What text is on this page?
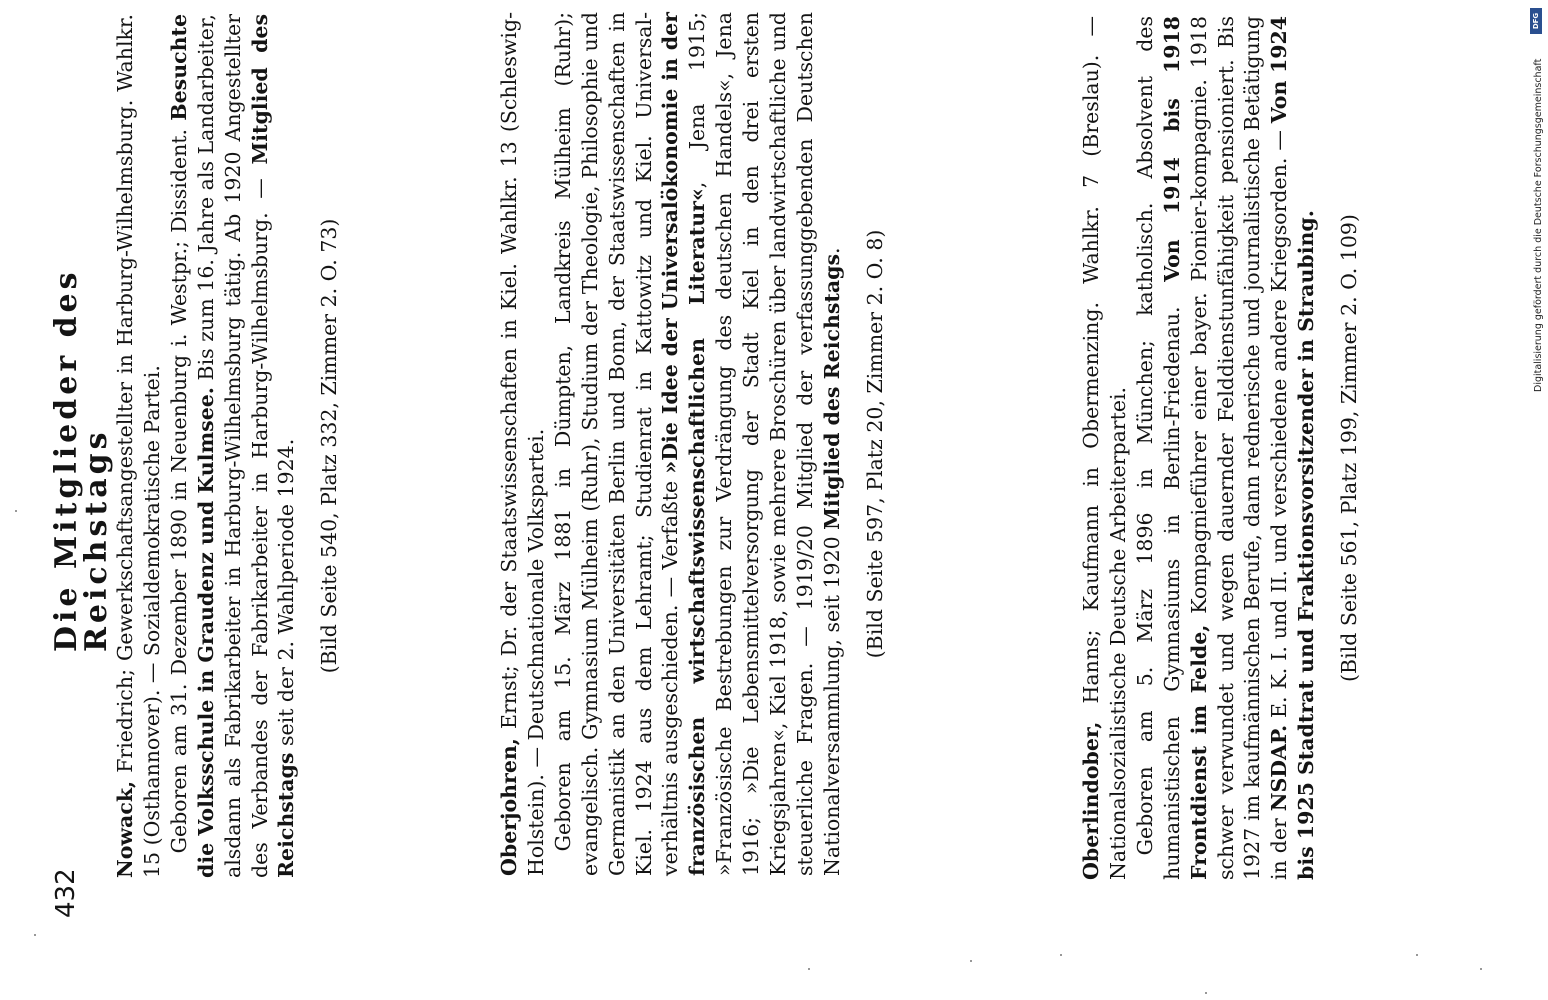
432
Die Mitglieder des Reichstags

Nowack, Friedrich; Gewerkschaftsangestellter in Harburg-Wilhelmsburg. Wahlkr. 15 (Osthannover). — Sozialdemokratische Partei. Geboren am 31. Dezember 1890 in Neuenburg i. Westpr.; Dissident. Besuchte die Volksschule in Graudenz und Kulmsee. Bis zum 16. Jahre als Landarbeiter, alsdann als Fabrikarbeiter in Harburg-Wilhelmsburg tätig. Ab 1920 Angestellter des Verbandes der Fabrikarbeiter in Harburg-Wilhelmsburg. — Mitglied des Reichstags seit der 2. Wahlperiode 1924. (Bild Seite 540, Platz 332, Zimmer 2. O. 73)

Oberjohren, Ernst; Dr. der Staatswissenschaften in Kiel. Wahlkr. 13 (Schleswig-Holstein). — Deutschnationale Volkspartei. Geboren am 15. März 1881 in Dümpten, Landkreis Mülheim (Ruhr); evangelisch. Gymnasium Mülheim (Ruhr), Studium der Theologie, Philosophie und Germanistik an den Universitäten Berlin und Bonn, der Staatswissenschaften in Kiel. 1924 aus dem Lehramt; Studienrat in Kattowitz und Kiel. Universal-verhältnis ausgeschieden. — Verfaßte »Die Idee der Universalökonomie in der französischen wirtschaftswissenschaftlichen Literatur«, Jena 1915; »Französische Bestrebungen zur Verdrängung des deutschen Handels«, Jena 1916; »Die Lebensmittelversorgung der Stadt Kiel in den drei ersten Kriegsjahren«, Kiel 1918, sowie mehrere Broschüren über landwirtschaftliche und steuerliche Fragen. — 1919/20 Mitglied der verfassunggebenden Deutschen Nationalversammlung, seit 1920 Mitglied des Reichstags. (Bild Seite 597, Platz 20, Zimmer 2. O. 8)

Oberlindober, Hanns; Kaufmann in Obermenzing. Wahlkr. 7 (Breslau). — Nationalsozialistische Deutsche Arbeiterpartei. Geboren am 5. März 1896 in München; katholisch. Absolvent des humanistischen Gymnasiums in Berlin-Friedenau. Von 1914 bis 1918 Frontdienst im Felde, Kompagnieführer einer bayer. Pionier-kompagnie. 1918 schwer verwundet und wegen dauernder Felddienstunfähigkeit pensioniert. Bis 1927 im kaufmännischen Berufe, dann rednerische und journalistische Betätigung in der NSDAP. E. K. I. und II. und verschiedene andere Kriegsorden. — Von 1924 bis 1925 Stadtrat und Fraktionsvorsitzender in Straubing. (Bild Seite 561, Platz 199, Zimmer 2. O. 109)

DFG
Digitalisierung gefördert durch die Deutsche Forschungsgemeinschaft
